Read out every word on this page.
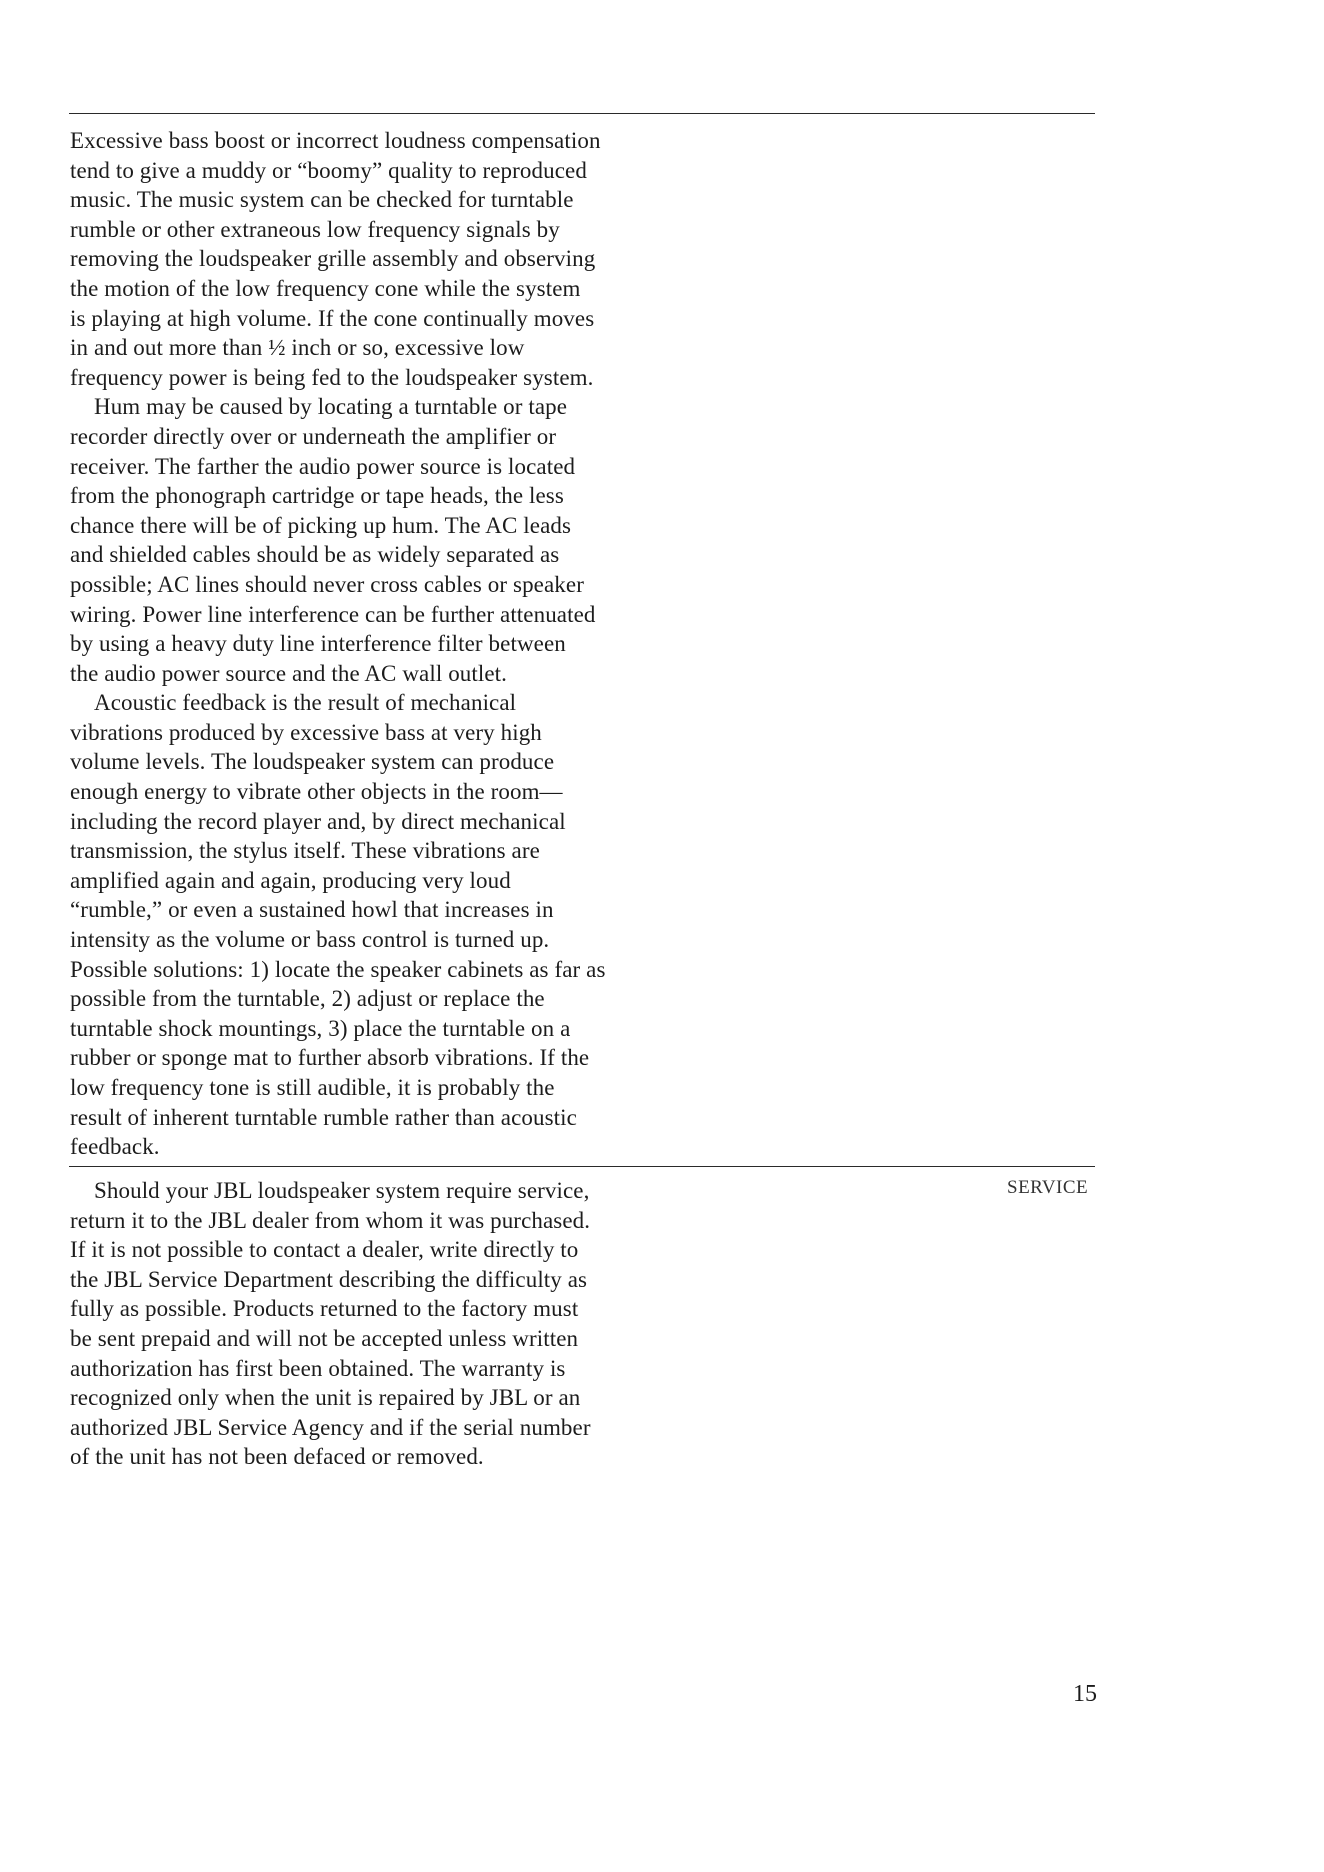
Excessive bass boost or incorrect loudness compensation
tend to give a muddy or “boomy” quality to reproduced
music. The music system can be checked for turntable
rumble or other extraneous low frequency signals by
removing the loudspeaker grille assembly and observing
the motion of the low frequency cone while the system
is playing at high volume. If the cone continually moves
in and out more than ½ inch or so, excessive low
frequency power is being fed to the loudspeaker system.
Hum may be caused by locating a turntable or tape
recorder directly over or underneath the amplifier or
receiver. The farther the audio power source is located
from the phonograph cartridge or tape heads, the less
chance there will be of picking up hum. The AC leads
and shielded cables should be as widely separated as
possible; AC lines should never cross cables or speaker
wiring. Power line interference can be further attenuated
by using a heavy duty line interference filter between
the audio power source and the AC wall outlet.
Acoustic feedback is the result of mechanical
vibrations produced by excessive bass at very high
volume levels. The loudspeaker system can produce
enough energy to vibrate other objects in the room—
including the record player and, by direct mechanical
transmission, the stylus itself. These vibrations are
amplified again and again, producing very loud
“rumble,” or even a sustained howl that increases in
intensity as the volume or bass control is turned up.
Possible solutions: 1) locate the speaker cabinets as far as
possible from the turntable, 2) adjust or replace the
turntable shock mountings, 3) place the turntable on a
rubber or sponge mat to further absorb vibrations. If the
low frequency tone is still audible, it is probably the
result of inherent turntable rumble rather than acoustic
feedback.
Should your JBL loudspeaker system require service,
return it to the JBL dealer from whom it was purchased.
If it is not possible to contact a dealer, write directly to
the JBL Service Department describing the difficulty as
fully as possible. Products returned to the factory must
be sent prepaid and will not be accepted unless written
authorization has first been obtained. The warranty is
recognized only when the unit is repaired by JBL or an
authorized JBL Service Agency and if the serial number
of the unit has not been defaced or removed.
SERVICE
15
